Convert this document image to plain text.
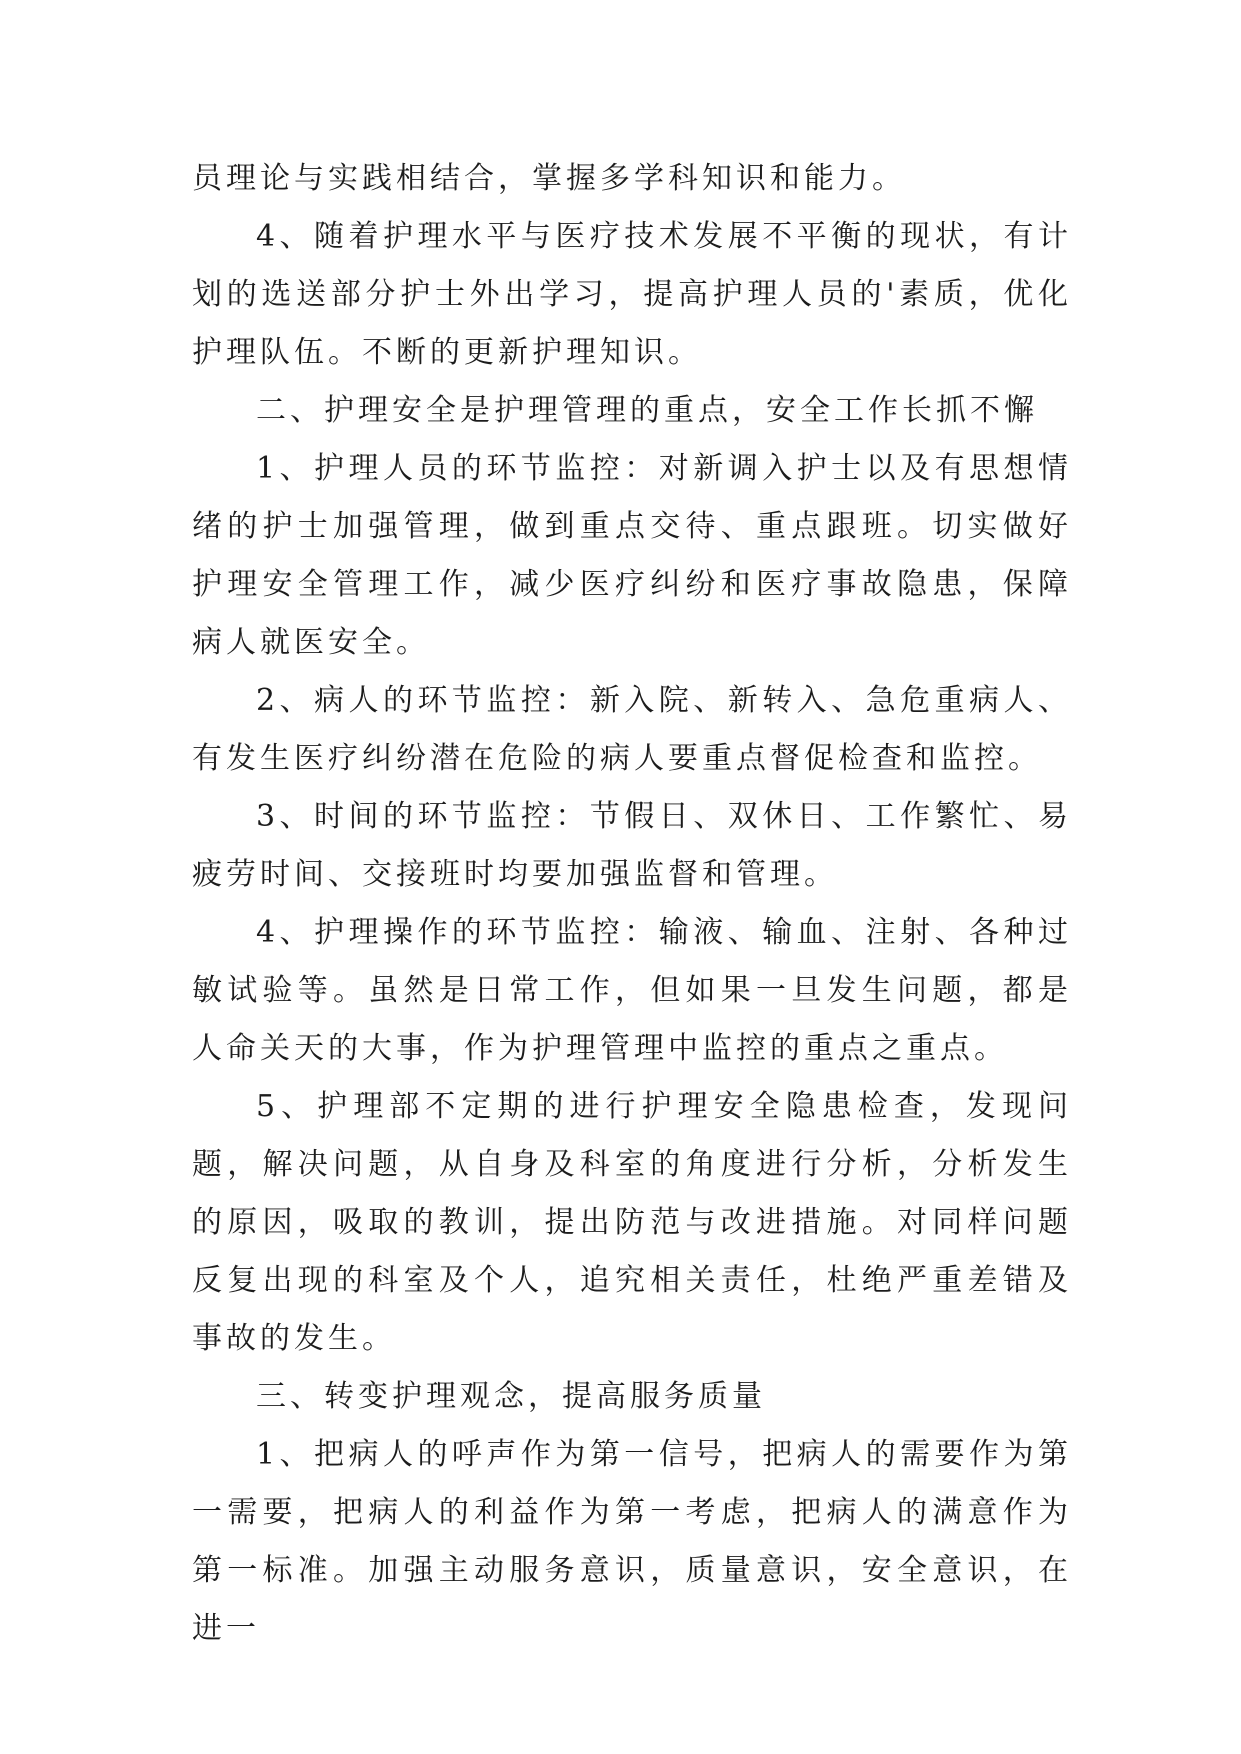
员理论与实践相结合，掌握多学科知识和能力。

4、随着护理水平与医疗技术发展不平衡的现状，有计划的选送部分护士外出学习，提高护理人员的'素质，优化护理队伍。不断的更新护理知识。

二、护理安全是护理管理的重点，安全工作长抓不懈

1、护理人员的环节监控：对新调入护士以及有思想情绪的护士加强管理，做到重点交待、重点跟班。切实做好护理安全管理工作，减少医疗纠纷和医疗事故隐患，保障病人就医安全。

2、病人的环节监控：新入院、新转入、急危重病人、有发生医疗纠纷潜在危险的病人要重点督促检查和监控。

3、时间的环节监控：节假日、双休日、工作繁忙、易疲劳时间、交接班时均要加强监督和管理。

4、护理操作的环节监控：输液、输血、注射、各种过敏试验等。虽然是日常工作，但如果一旦发生问题，都是人命关天的大事，作为护理管理中监控的重点之重点。

5、护理部不定期的进行护理安全隐患检查，发现问题，解决问题，从自身及科室的角度进行分析，分析发生的原因，吸取的教训，提出防范与改进措施。对同样问题反复出现的科室及个人，追究相关责任，杜绝严重差错及事故的发生。

三、转变护理观念，提高服务质量

1、把病人的呼声作为第一信号，把病人的需要作为第一需要，把病人的利益作为第一考虑，把病人的满意作为第一标准。加强主动服务意识，质量意识，安全意识，在进一
